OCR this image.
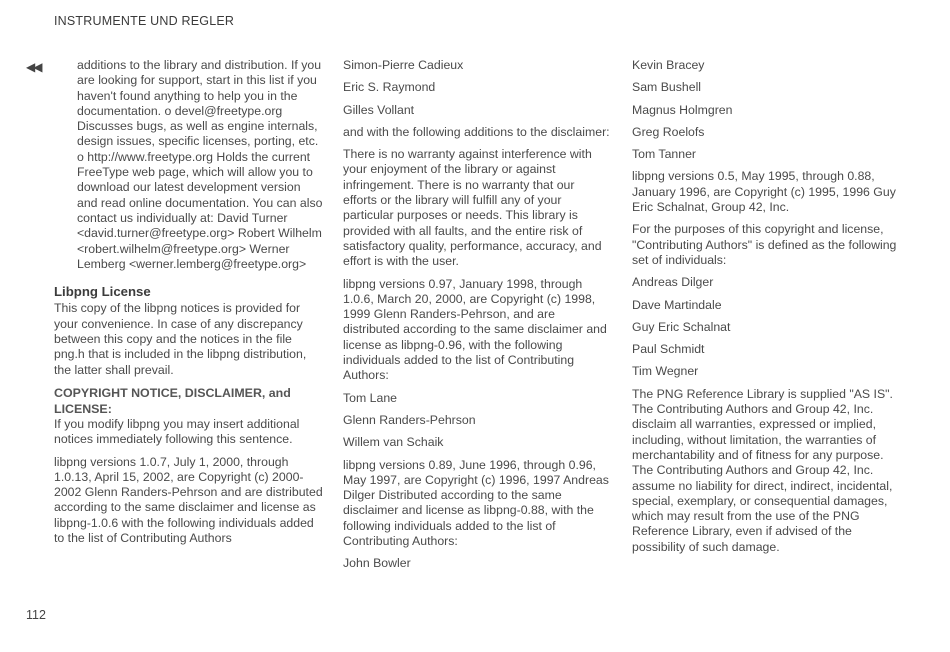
INSTRUMENTE UND REGLER
◀◀	additions to the library and distribution. If you are looking for support, start in this list if you haven't found anything to help you in the documentation. o devel@freetype.org Discusses bugs, as well as engine internals, design issues, specific licenses, porting, etc. o http://www.freetype.org Holds the current FreeType web page, which will allow you to download our latest development version and read online documentation. You can also contact us individually at: David Turner <david.turner@freetype.org> Robert Wilhelm <robert.wilhelm@freetype.org> Werner Lemberg <werner.lemberg@freetype.org>

Libpng License

This copy of the libpng notices is provided for your convenience. In case of any discrepancy between this copy and the notices in the file png.h that is included in the libpng distribution, the latter shall prevail.

COPYRIGHT NOTICE, DISCLAIMER, and LICENSE:

If you modify libpng you may insert additional notices immediately following this sentence.

libpng versions 1.0.7, July 1, 2000, through 1.0.13, April 15, 2002, are Copyright (c) 2000-2002 Glenn Randers-Pehrson and are distributed according to the same disclaimer and license as libpng-1.0.6 with the following individuals added to the list of Contributing Authors

Simon-Pierre Cadieux

Eric S. Raymond

Gilles Vollant

and with the following additions to the disclaimer:

There is no warranty against interference with your enjoyment of the library or against infringement. There is no warranty that our efforts or the library will fulfill any of your particular purposes or needs. This library is provided with all faults, and the entire risk of satisfactory quality, performance, accuracy, and effort is with the user.

libpng versions 0.97, January 1998, through 1.0.6, March 20, 2000, are Copyright (c) 1998, 1999 Glenn Randers-Pehrson, and are distributed according to the same disclaimer and license as libpng-0.96, with the following individuals added to the list of Contributing Authors:

Tom Lane

Glenn Randers-Pehrson

Willem van Schaik

libpng versions 0.89, June 1996, through 0.96, May 1997, are Copyright (c) 1996, 1997 Andreas Dilger Distributed according to the same disclaimer and license as libpng-0.88, with the following individuals added to the list of Contributing Authors:

John Bowler

Kevin Bracey

Sam Bushell

Magnus Holmgren

Greg Roelofs

Tom Tanner

libpng versions 0.5, May 1995, through 0.88, January 1996, are Copyright (c) 1995, 1996 Guy Eric Schalnat, Group 42, Inc.

For the purposes of this copyright and license, "Contributing Authors" is defined as the following set of individuals:

Andreas Dilger

Dave Martindale

Guy Eric Schalnat

Paul Schmidt

Tim Wegner

The PNG Reference Library is supplied "AS IS". The Contributing Authors and Group 42, Inc. disclaim all warranties, expressed or implied, including, without limitation, the warranties of merchantability and of fitness for any purpose. The Contributing Authors and Group 42, Inc. assume no liability for direct, indirect, incidental, special, exemplary, or consequential damages, which may result from the use of the PNG Reference Library, even if advised of the possibility of such damage.

112
